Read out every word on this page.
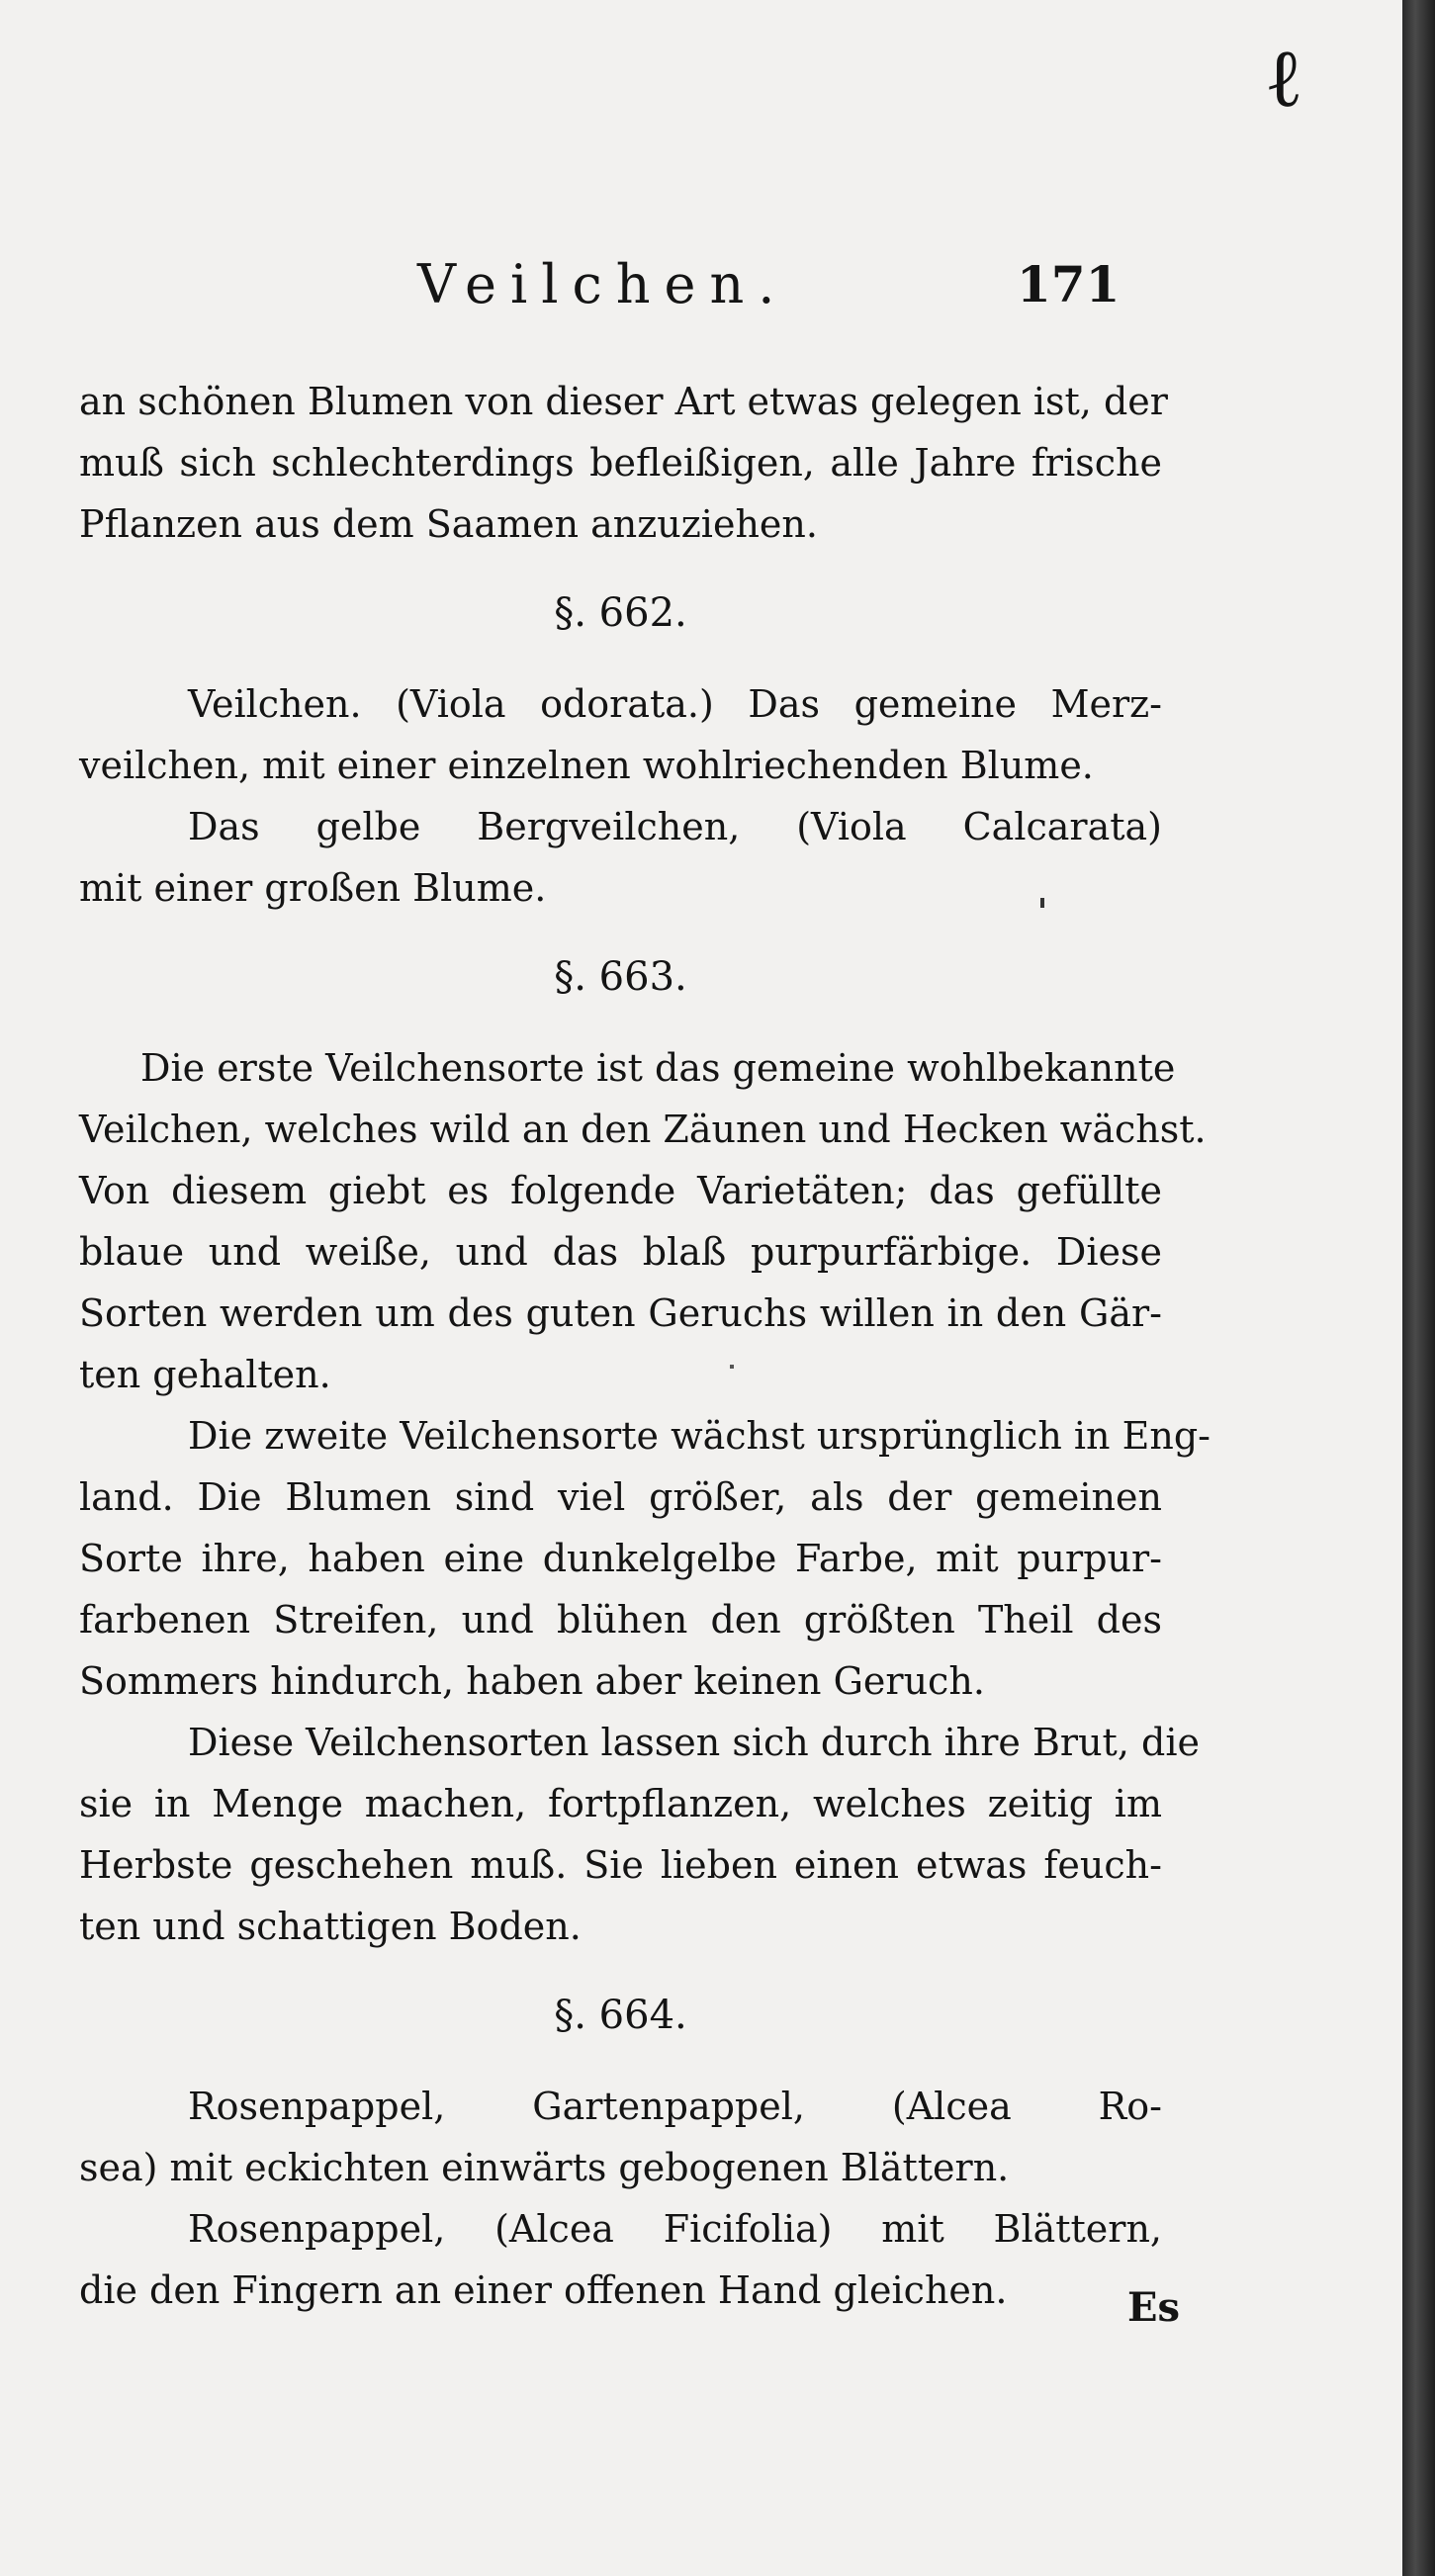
ℓ
Veilchen.	171
an schönen Blumen von dieser Art etwas gelegen ist, der
muß sich schlechterdings befleißigen, alle Jahre frische
Pflanzen aus dem Saamen anzuziehen.
§. 662.
Veilchen. (Viola odorata.) Das gemeine Merz-
veilchen, mit einer einzelnen wohlriechenden Blume.
Das gelbe Bergveilchen, (Viola Calcarata)
mit einer großen Blume.
§. 663.
Die erste Veilchensorte ist das gemeine wohlbekannte
Veilchen, welches wild an den Zäunen und Hecken wächst.
Von diesem giebt es folgende Varietäten; das gefüllte
blaue und weiße, und das blaß purpurfärbige. Diese
Sorten werden um des guten Geruchs willen in den Gär-
ten gehalten.
Die zweite Veilchensorte wächst ursprünglich in Eng-
land. Die Blumen sind viel größer, als der gemeinen
Sorte ihre, haben eine dunkelgelbe Farbe, mit purpur-
farbenen Streifen, und blühen den größten Theil des
Sommers hindurch, haben aber keinen Geruch.
Diese Veilchensorten lassen sich durch ihre Brut, die
sie in Menge machen, fortpflanzen, welches zeitig im
Herbste geschehen muß. Sie lieben einen etwas feuch-
ten und schattigen Boden.
§. 664.
Rosenpappel, Gartenpappel, (Alcea Ro-
sea) mit eckichten einwärts gebogenen Blättern.
Rosenpappel, (Alcea Ficifolia) mit Blättern,
die den Fingern an einer offenen Hand gleichen.	Es
